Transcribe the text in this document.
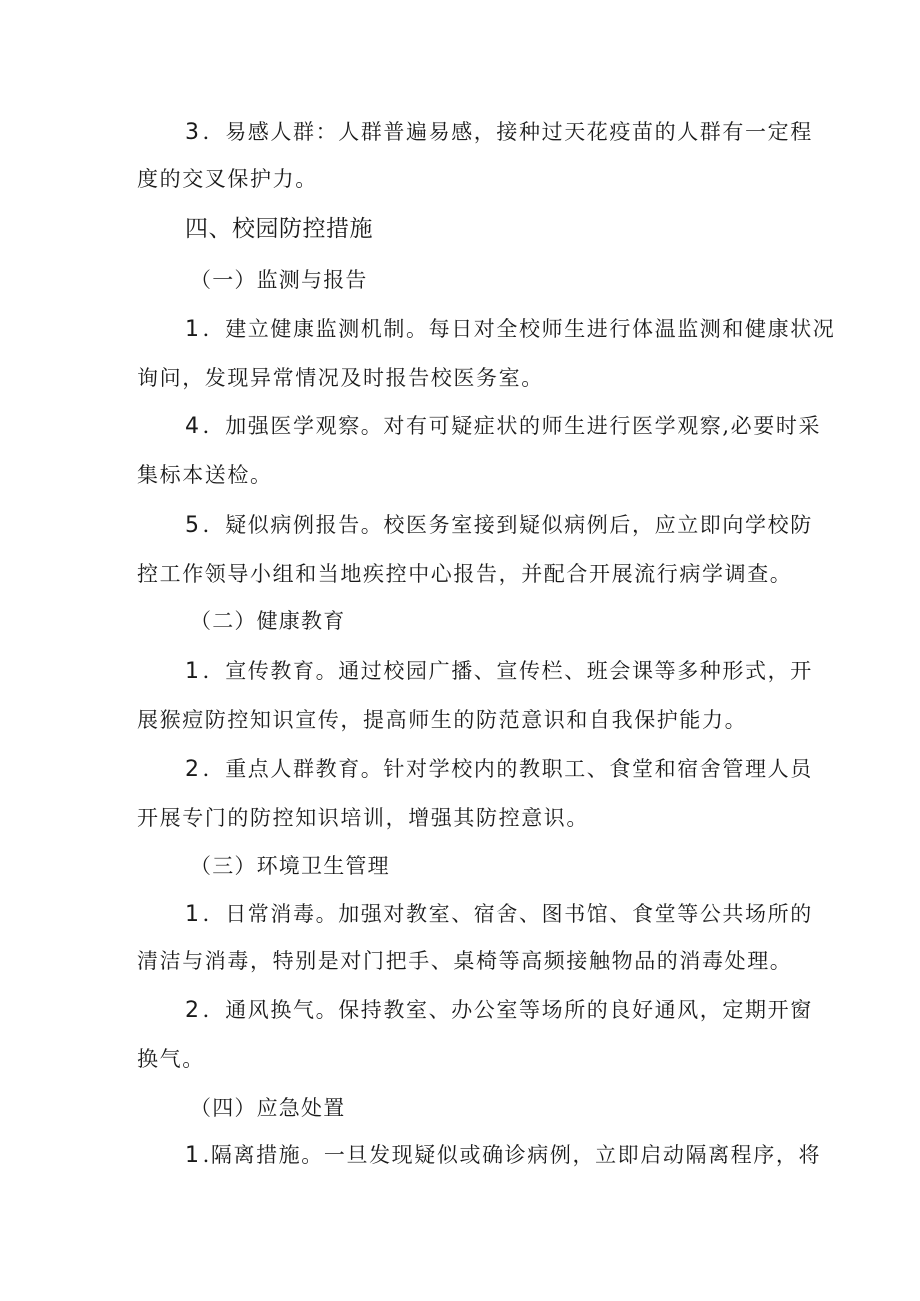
3．易感人群：人群普遍易感，接种过天花疫苗的人群有一定程
度的交叉保护力。
四、校园防控措施
（一）监测与报告
1．建立健康监测机制。每日对全校师生进行体温监测和健康状况
询问，发现异常情况及时报告校医务室。
4．加强医学观察。对有可疑症状的师生进行医学观察,必要时采
集标本送检。
5．疑似病例报告。校医务室接到疑似病例后，应立即向学校防
控工作领导小组和当地疾控中心报告，并配合开展流行病学调查。
（二）健康教育
1．宣传教育。通过校园广播、宣传栏、班会课等多种形式，开
展猴痘防控知识宣传，提高师生的防范意识和自我保护能力。
2．重点人群教育。针对学校内的教职工、食堂和宿舍管理人员
开展专门的防控知识培训，增强其防控意识。
（三）环境卫生管理
1．日常消毒。加强对教室、宿舍、图书馆、食堂等公共场所的
清洁与消毒，特别是对门把手、桌椅等高频接触物品的消毒处理。
2．通风换气。保持教室、办公室等场所的良好通风，定期开窗
换气。
（四）应急处置
1.隔离措施。一旦发现疑似或确诊病例，立即启动隔离程序，将
